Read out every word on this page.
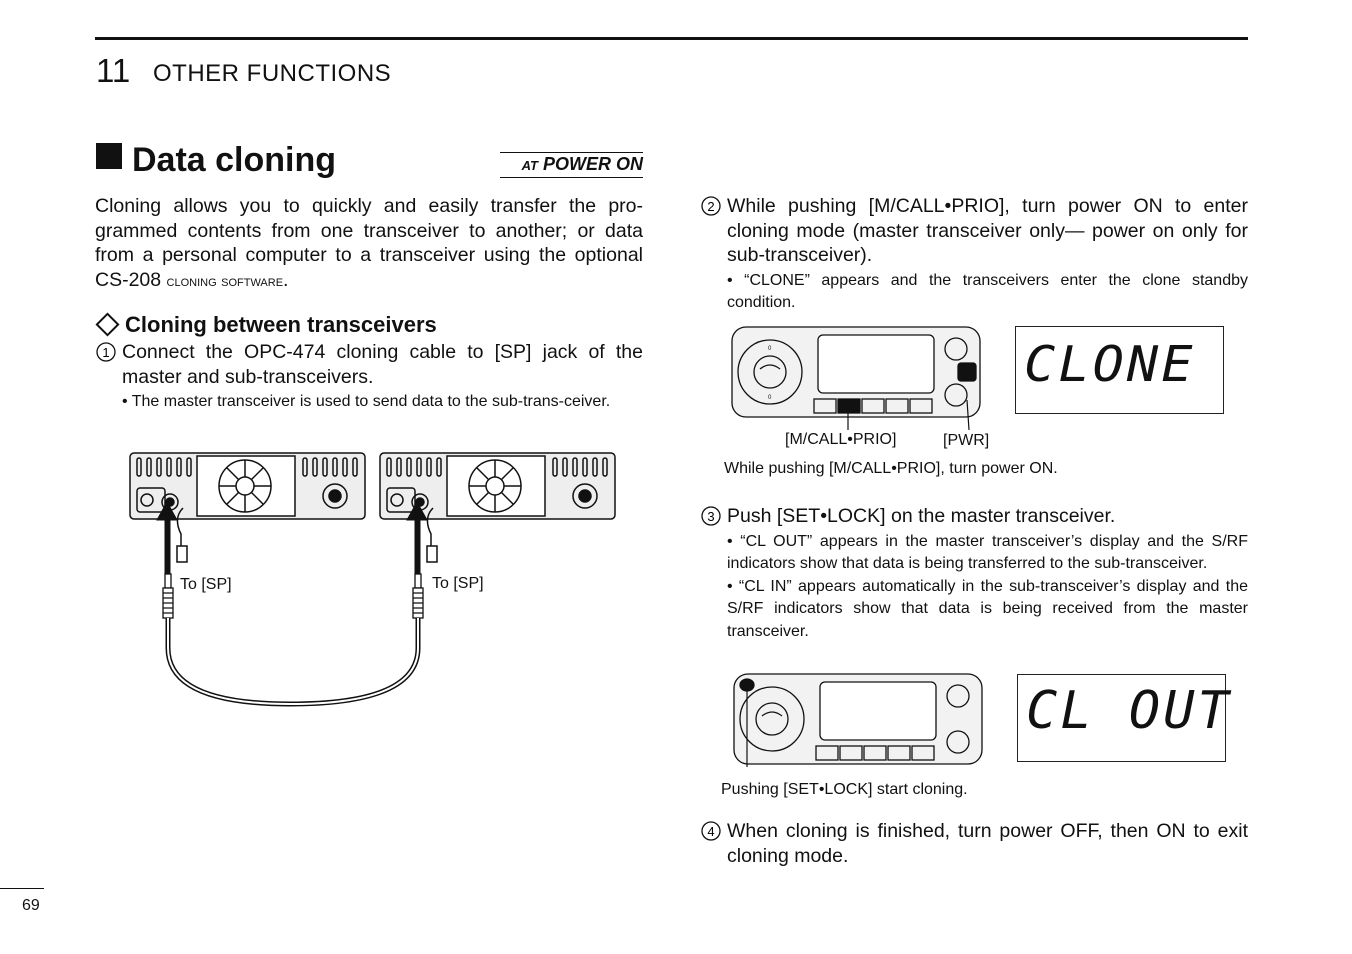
11 OTHER FUNCTIONS
Data cloning	AT POWER ON
Cloning allows you to quickly and easily transfer the pro-grammed contents from one transceiver to another; or data from a personal computer to a transceiver using the optional CS-208 cloning software.
Cloning between transceivers
1 Connect the OPC-474 cloning cable to [SP] jack of the master and sub-transceivers.
• The master transceiver is used to send data to the sub-trans-ceiver.
To [SP]	To [SP]
2 While pushing [M/CALL•PRIO], turn power ON to enter cloning mode (master transceiver only— power on only for sub-transceiver).
• “CLONE” appears and the transceivers enter the clone standby condition.
0
0
[M/CALL•PRIO]	[PWR]
CLONE
While pushing [M/CALL•PRIO], turn power ON.
3 Push [SET•LOCK] on the master transceiver.
• “CL OUT” appears in the master transceiver’s display and the S/RF indicators show that data is being transferred to the sub-transceiver.
• “CL IN” appears automatically in the sub-transceiver’s display and the S/RF indicators show that data is being received from the master transceiver.
CL OUT
Pushing [SET•LOCK] start cloning.
4 When cloning is finished, turn power OFF, then ON to exit cloning mode.
69
